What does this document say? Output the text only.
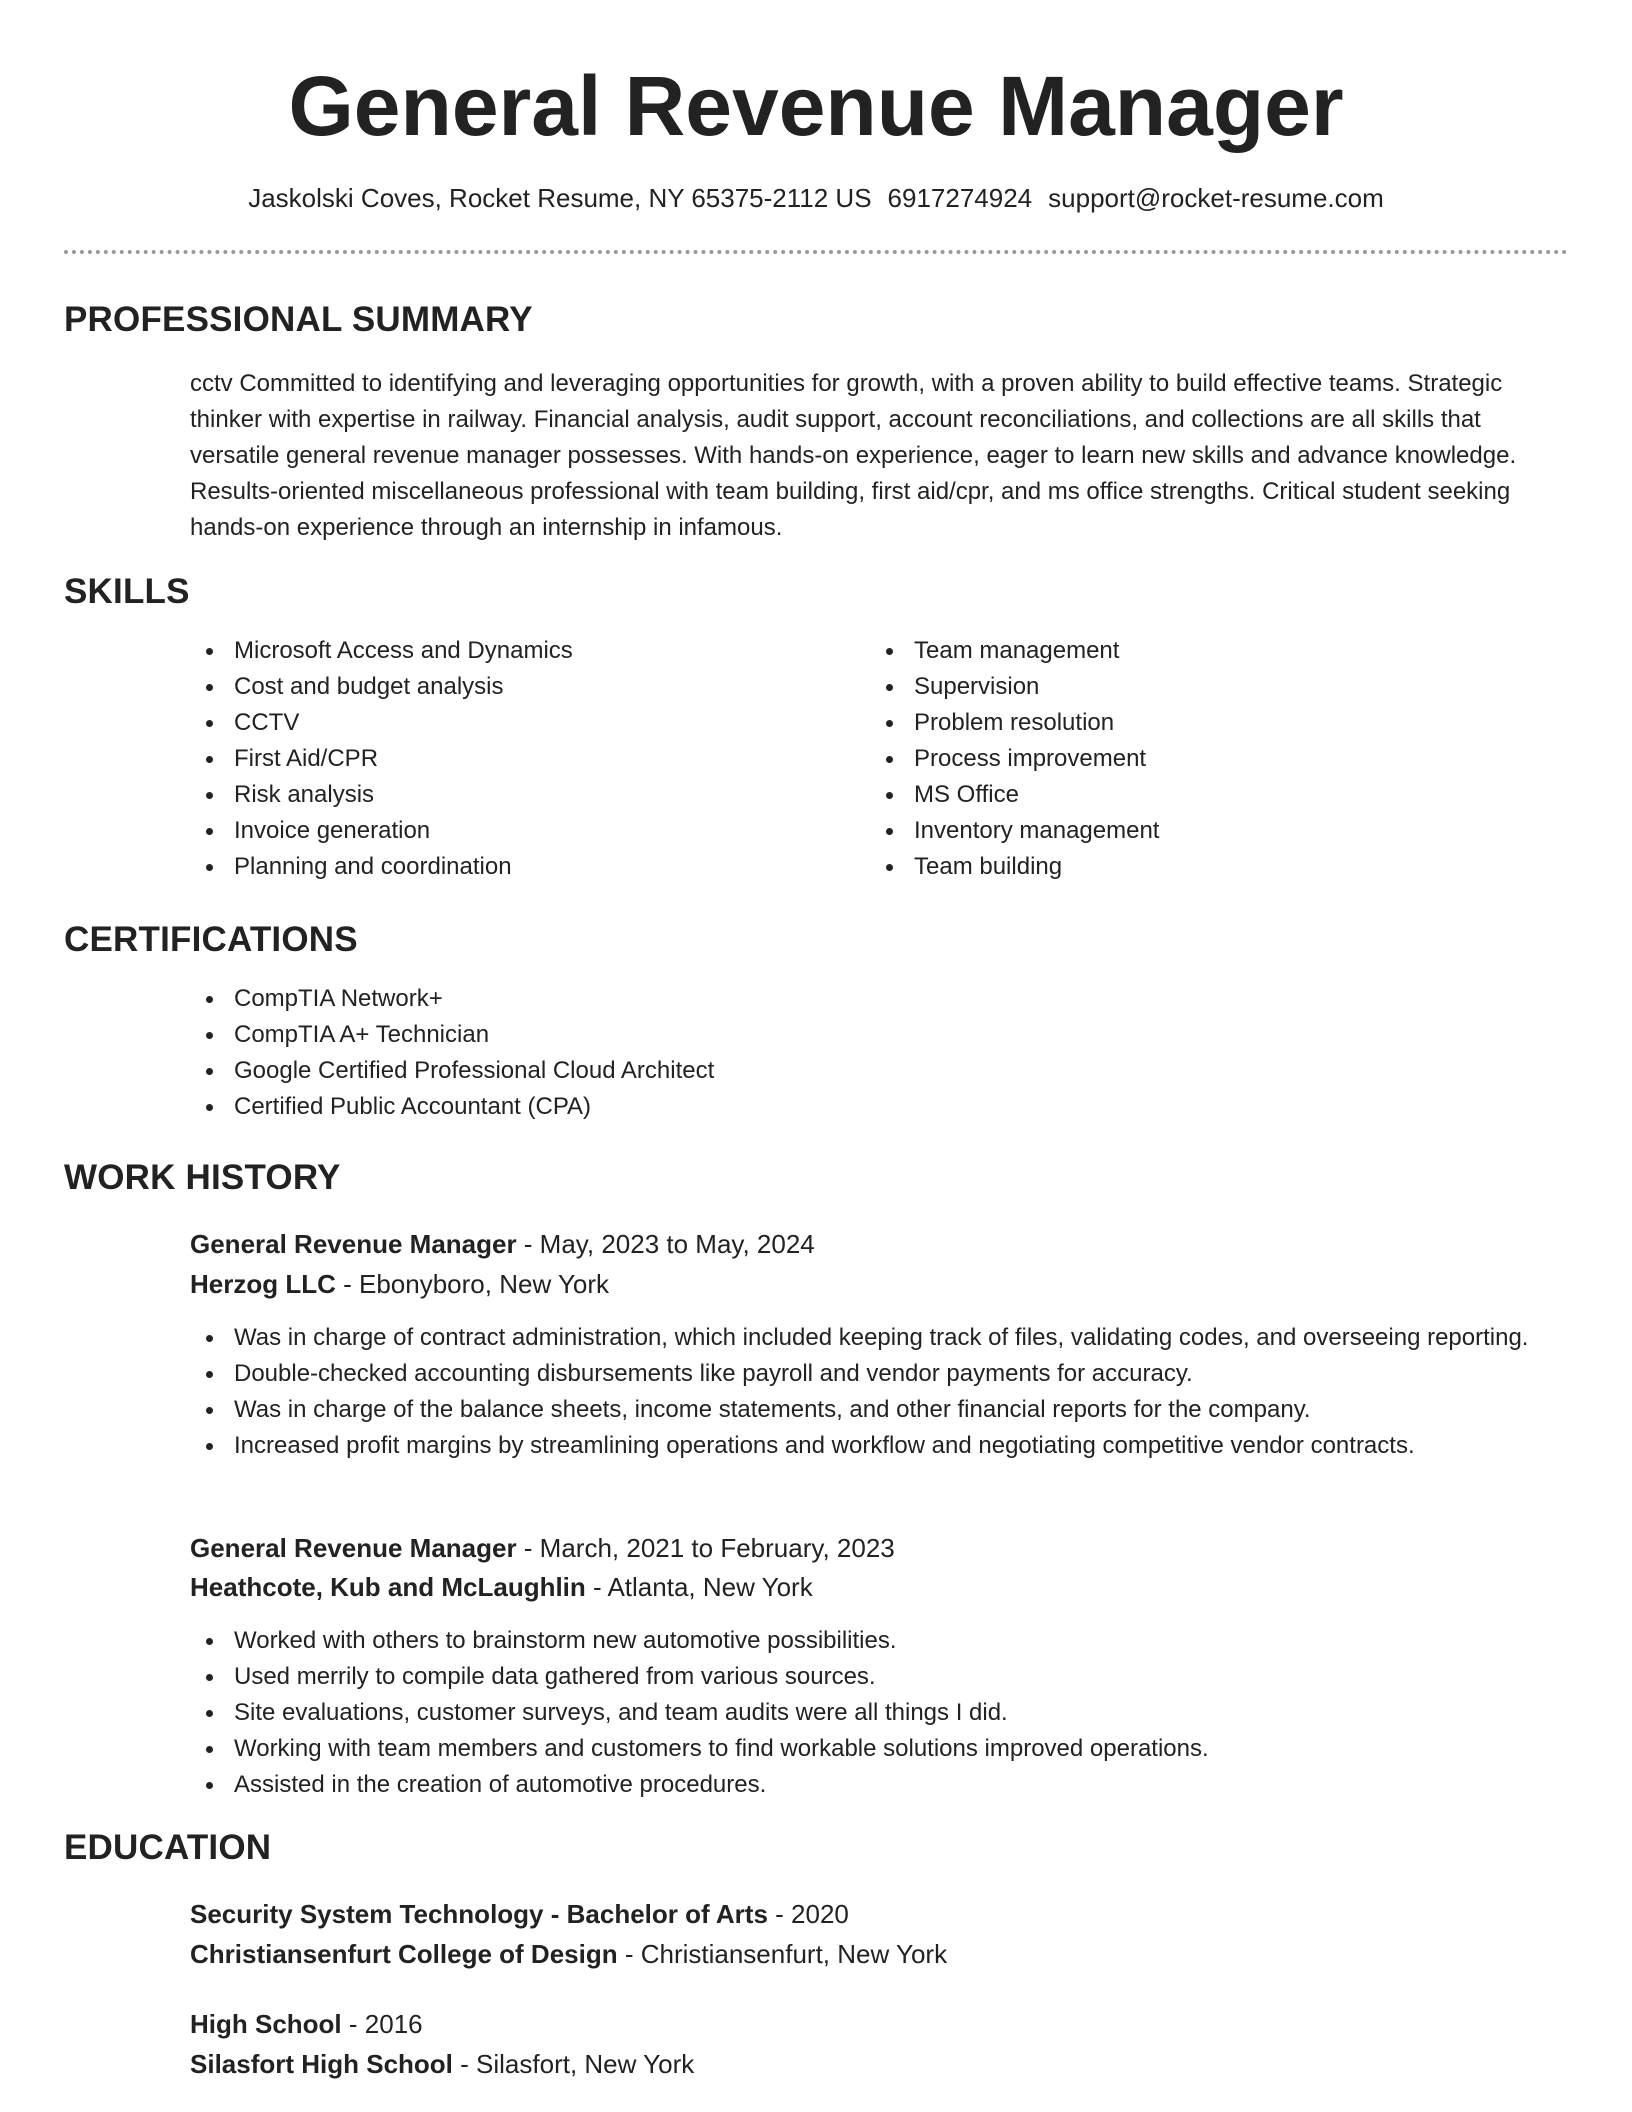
General Revenue Manager
Jaskolski Coves, Rocket Resume, NY 65375-2112 US 6917274924 support@rocket-resume.com
PROFESSIONAL SUMMARY

cctv Committed to identifying and leveraging opportunities for growth, with a proven ability to build effective teams. Strategic thinker with expertise in railway. Financial analysis, audit support, account reconciliations, and collections are all skills that versatile general revenue manager possesses. With hands-on experience, eager to learn new skills and advance knowledge. Results-oriented miscellaneous professional with team building, first aid/cpr, and ms office strengths. Critical student seeking hands-on experience through an internship in infamous.

SKILLS
Microsoft Access and Dynamics
Cost and budget analysis
CCTV
First Aid/CPR
Risk analysis
Invoice generation
Planning and coordination
Team management
Supervision
Problem resolution
Process improvement
MS Office
Inventory management
Team building
CERTIFICATIONS
CompTIA Network+
CompTIA A+ Technician
Google Certified Professional Cloud Architect
Certified Public Accountant (CPA)
WORK HISTORY
General Revenue Manager - May, 2023 to May, 2024
Herzog LLC - Ebonyboro, New York
Was in charge of contract administration, which included keeping track of files, validating codes, and overseeing reporting.
Double-checked accounting disbursements like payroll and vendor payments for accuracy.
Was in charge of the balance sheets, income statements, and other financial reports for the company.
Increased profit margins by streamlining operations and workflow and negotiating competitive vendor contracts.
General Revenue Manager - March, 2021 to February, 2023
Heathcote, Kub and McLaughlin - Atlanta, New York
Worked with others to brainstorm new automotive possibilities.
Used merrily to compile data gathered from various sources.
Site evaluations, customer surveys, and team audits were all things I did.
Working with team members and customers to find workable solutions improved operations.
Assisted in the creation of automotive procedures.
EDUCATION
Security System Technology - Bachelor of Arts - 2020
Christiansenfurt College of Design - Christiansenfurt, New York
High School - 2016
Silasfort High School - Silasfort, New York
